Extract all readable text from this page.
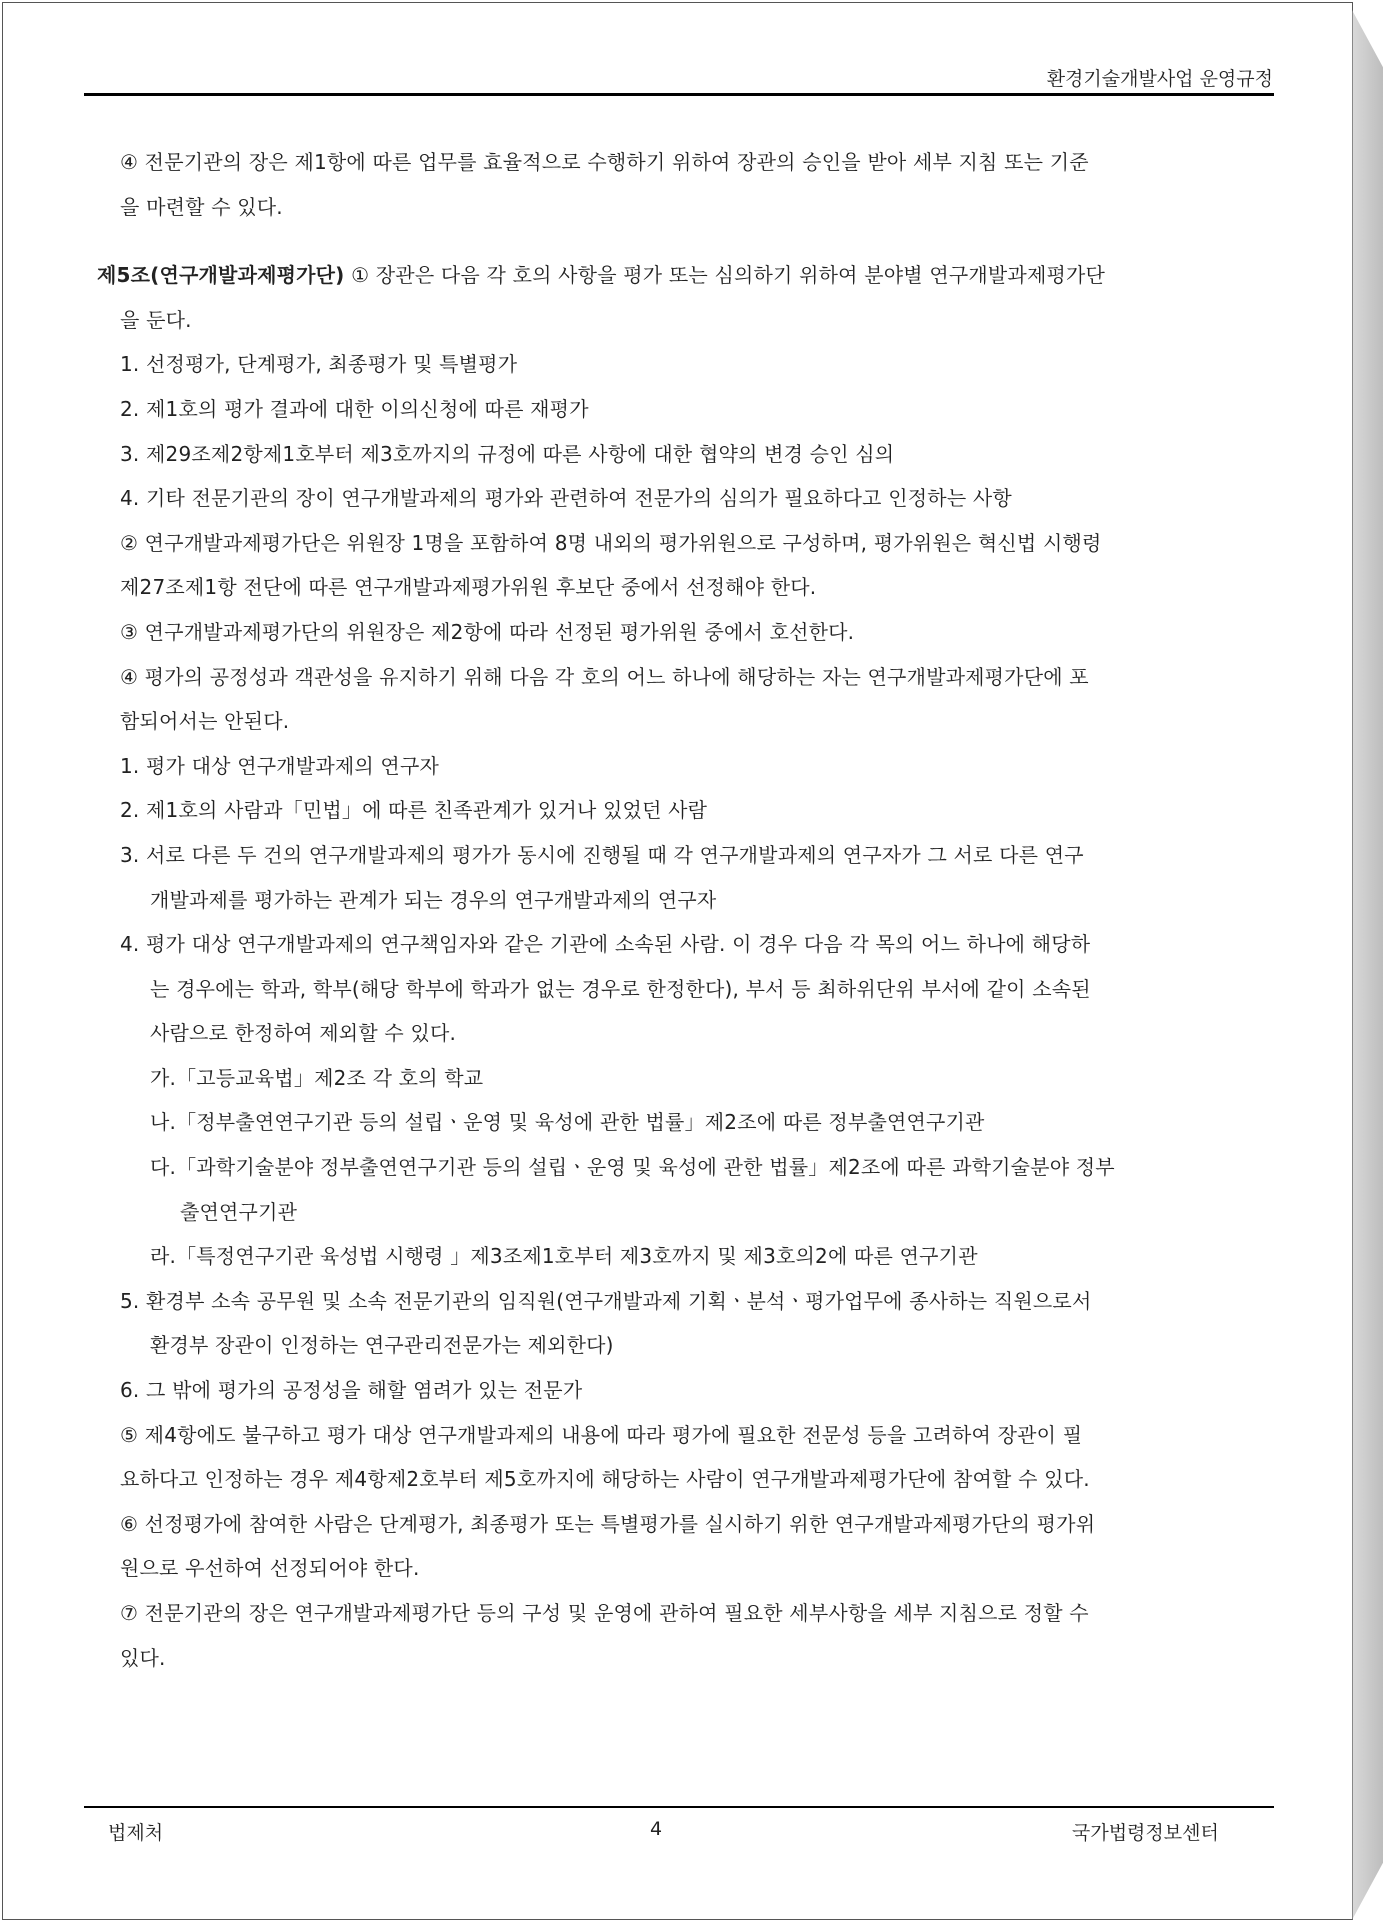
환경기술개발사업 운영규정
④ 전문기관의 장은 제1항에 따른 업무를 효율적으로 수행하기 위하여 장관의 승인을 받아 세부 지침 또는 기준
을 마련할 수 있다.
제5조(연구개발과제평가단) ① 장관은 다음 각 호의 사항을 평가 또는 심의하기 위하여 분야별 연구개발과제평가단
을 둔다.
1. 선정평가, 단계평가, 최종평가 및 특별평가
2. 제1호의 평가 결과에 대한 이의신청에 따른 재평가
3. 제29조제2항제1호부터 제3호까지의 규정에 따른 사항에 대한 협약의 변경 승인 심의
4. 기타 전문기관의 장이 연구개발과제의 평가와 관련하여 전문가의 심의가 필요하다고 인정하는 사항
② 연구개발과제평가단은 위원장 1명을 포함하여 8명 내외의 평가위원으로 구성하며, 평가위원은 혁신법 시행령
제27조제1항 전단에 따른 연구개발과제평가위원 후보단 중에서 선정해야 한다.
③ 연구개발과제평가단의 위원장은 제2항에 따라 선정된 평가위원 중에서 호선한다.
④ 평가의 공정성과 객관성을 유지하기 위해 다음 각 호의 어느 하나에 해당하는 자는 연구개발과제평가단에 포
함되어서는 안된다.
1. 평가 대상 연구개발과제의 연구자
2. 제1호의 사람과「민법」에 따른 친족관계가 있거나 있었던 사람
3. 서로 다른 두 건의 연구개발과제의 평가가 동시에 진행될 때 각 연구개발과제의 연구자가 그 서로 다른 연구
개발과제를 평가하는 관계가 되는 경우의 연구개발과제의 연구자
4. 평가 대상 연구개발과제의 연구책임자와 같은 기관에 소속된 사람. 이 경우 다음 각 목의 어느 하나에 해당하
는 경우에는 학과, 학부(해당 학부에 학과가 없는 경우로 한정한다), 부서 등 최하위단위 부서에 같이 소속된
사람으로 한정하여 제외할 수 있다.
가.「고등교육법」제2조 각 호의 학교
나.「정부출연연구기관 등의 설립ㆍ운영 및 육성에 관한 법률」제2조에 따른 정부출연연구기관
다.「과학기술분야 정부출연연구기관 등의 설립ㆍ운영 및 육성에 관한 법률」제2조에 따른 과학기술분야 정부
출연연구기관
라.「특정연구기관 육성법 시행령 」제3조제1호부터 제3호까지 및 제3호의2에 따른 연구기관
5. 환경부 소속 공무원 및 소속 전문기관의 임직원(연구개발과제 기획ㆍ분석ㆍ평가업무에 종사하는 직원으로서
환경부 장관이 인정하는 연구관리전문가는 제외한다)
6. 그 밖에 평가의 공정성을 해할 염려가 있는 전문가
⑤ 제4항에도 불구하고 평가 대상 연구개발과제의 내용에 따라 평가에 필요한 전문성 등을 고려하여 장관이 필
요하다고 인정하는 경우 제4항제2호부터 제5호까지에 해당하는 사람이 연구개발과제평가단에 참여할 수 있다.
⑥ 선정평가에 참여한 사람은 단계평가, 최종평가 또는 특별평가를 실시하기 위한 연구개발과제평가단의 평가위
원으로 우선하여 선정되어야 한다.
⑦ 전문기관의 장은 연구개발과제평가단 등의 구성 및 운영에 관하여 필요한 세부사항을 세부 지침으로 정할 수
있다.
법제처	4	국가법령정보센터
